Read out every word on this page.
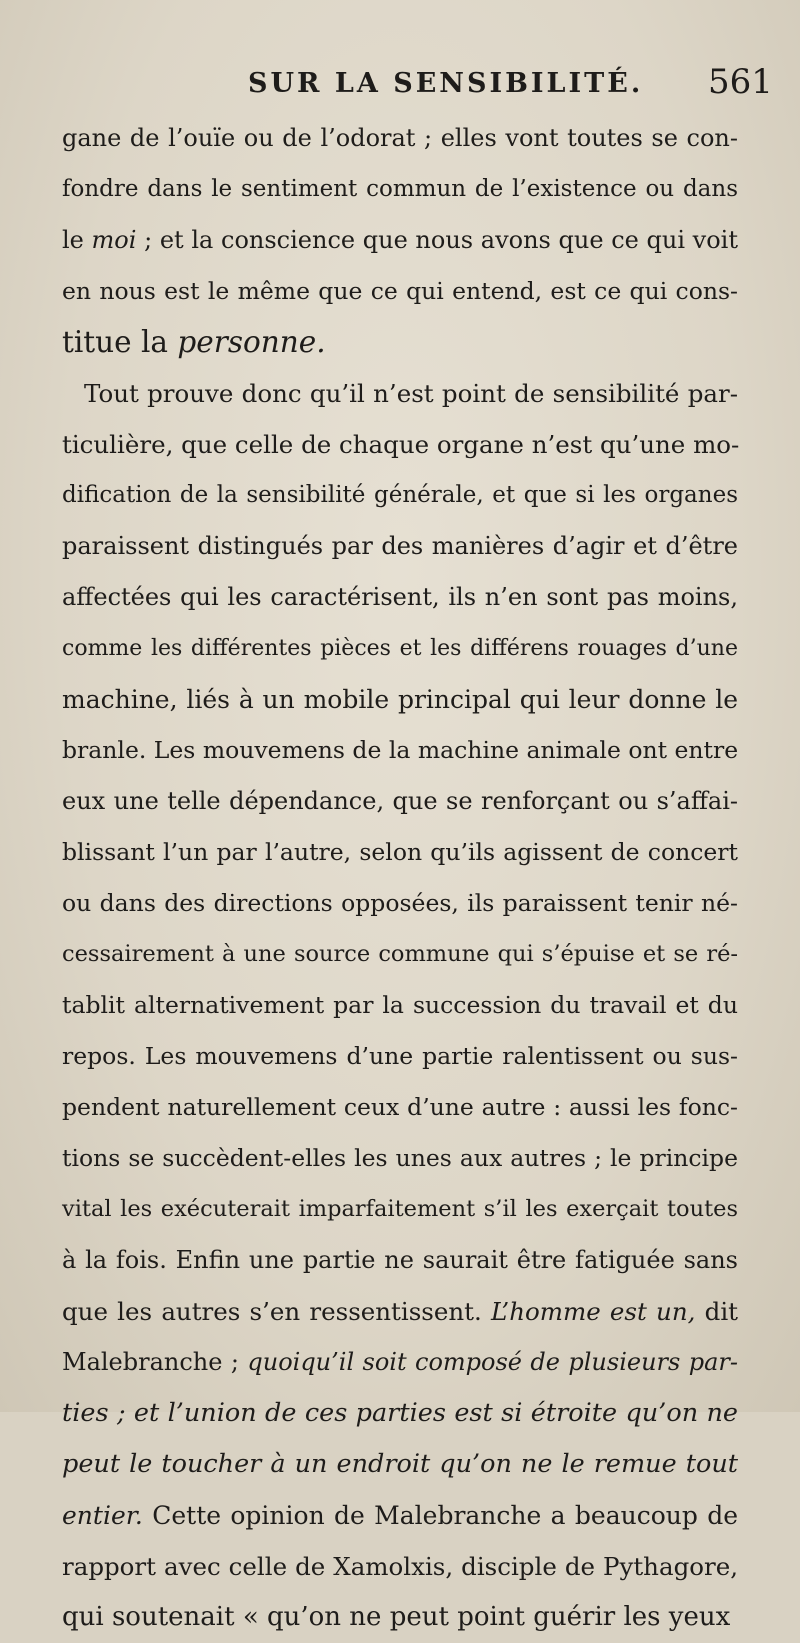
SUR LA SENSIBILITÉ. 561
gane de l’ouïe ou de l’odorat ; elles vont toutes se con-
fondre dans le sentiment commun de l’existence ou dans
le moi ; et la conscience que nous avons que ce qui voit
en nous est le même que ce qui entend, est ce qui cons-
titue la personne.
Tout prouve donc qu’il n’est point de sensibilité par-
ticulière, que celle de chaque organe n’est qu’une mo-
dification de la sensibilité générale, et que si les organes
paraissent distingués par des manières d’agir et d’être
affectées qui les caractérisent, ils n’en sont pas moins,
comme les différentes pièces et les différens rouages d’une
machine, liés à un mobile principal qui leur donne le
branle. Les mouvemens de la machine animale ont entre
eux une telle dépendance, que se renforçant ou s’affai-
blissant l’un par l’autre, selon qu’ils agissent de concert
ou dans des directions opposées, ils paraissent tenir né-
cessairement à une source commune qui s’épuise et se ré-
tablit alternativement par la succession du travail et du
repos. Les mouvemens d’une partie ralentissent ou sus-
pendent naturellement ceux d’une autre : aussi les fonc-
tions se succèdent-elles les unes aux autres ; le principe
vital les exécuterait imparfaitement s’il les exerçait toutes
à la fois. Enfin une partie ne saurait être fatiguée sans
que les autres s’en ressentissent. L’homme est un, dit
Malebranche ; quoiqu’il soit composé de plusieurs par-
ties ; et l’union de ces parties est si étroite qu’on ne
peut le toucher à un endroit qu’on ne le remue tout
entier. Cette opinion de Malebranche a beaucoup de
rapport avec celle de Xamolxis, disciple de Pythagore,
qui soutenait « qu’on ne peut point guérir les yeux
